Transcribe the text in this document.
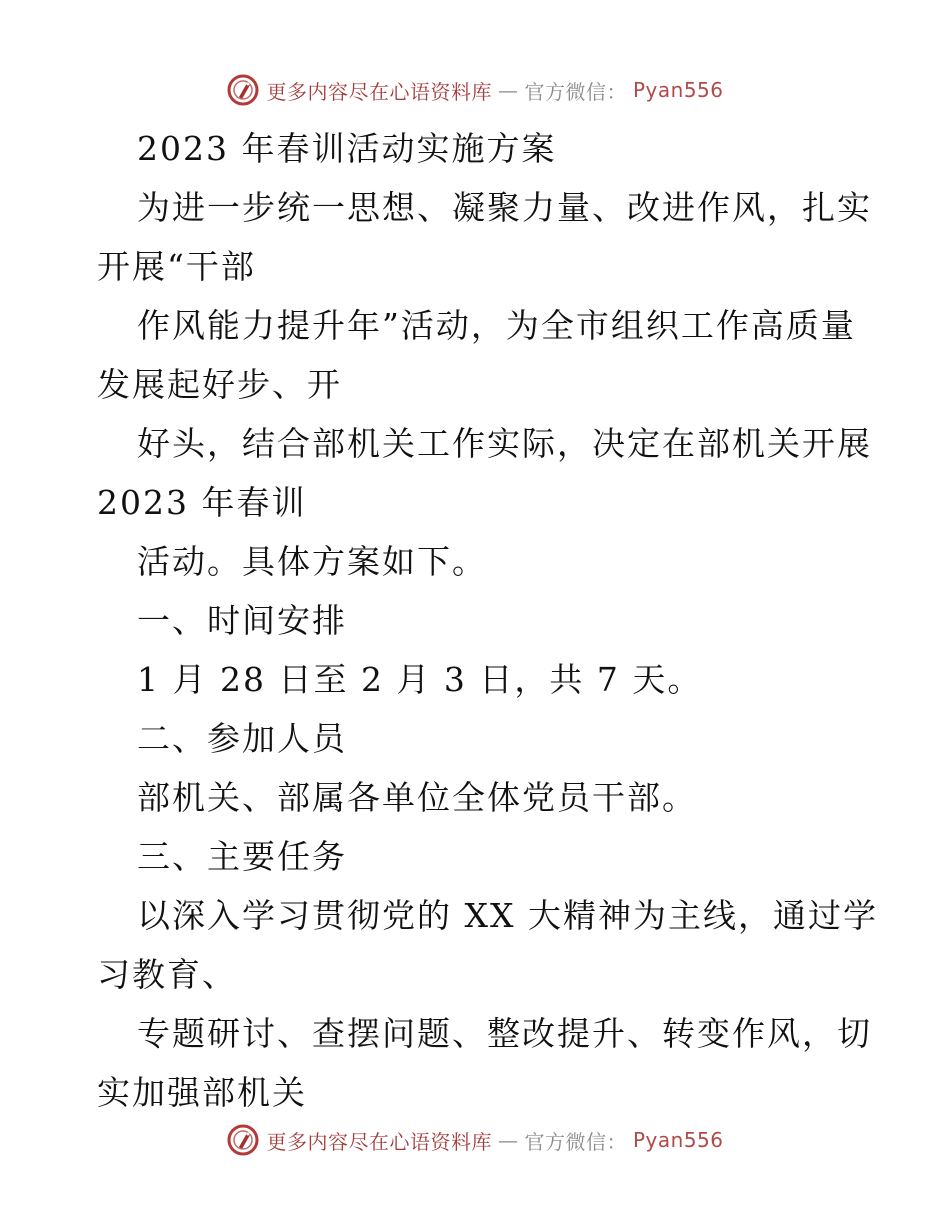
更多内容尽在心语资料库 — 官方微信： Pyan556
2023 年春训活动实施方案
为进一步统一思想、凝聚力量、改进作风，扎实
开展“干部
作风能力提升年”活动，为全市组织工作高质量
发展起好步、开
好头，结合部机关工作实际，决定在部机关开展
2023 年春训
活动。具体方案如下。
一、时间安排
1 月 28 日至 2 月 3 日，共 7 天。
二、参加人员
部机关、部属各单位全体党员干部。
三、主要任务
以深入学习贯彻党的 XX 大精神为主线，通过学
习教育、
专题研讨、查摆问题、整改提升、转变作风，切
实加强部机关
更多内容尽在心语资料库 — 官方微信： Pyan556
